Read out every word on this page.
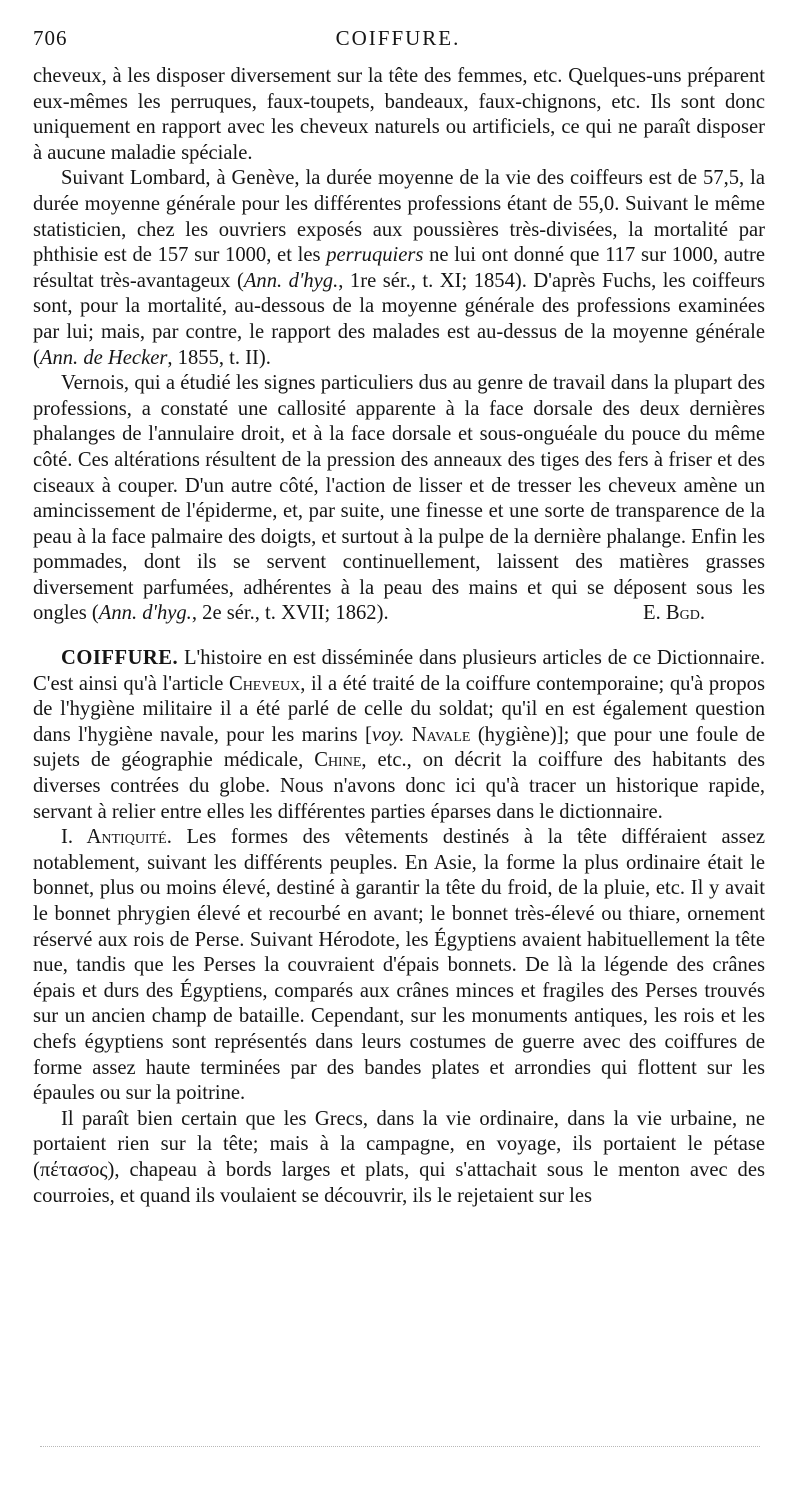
706	COIFFURE.

cheveux, à les disposer diversement sur la tête des femmes, etc. Quelques-uns préparent eux-mêmes les perruques, faux-toupets, bandeaux, faux-chignons, etc. Ils sont donc uniquement en rapport avec les cheveux naturels ou artificiels, ce qui ne paraît disposer à aucune maladie spéciale.

Suivant Lombard, à Genève, la durée moyenne de la vie des coiffeurs est de 57,5, la durée moyenne générale pour les différentes professions étant de 55,0. Suivant le même statisticien, chez les ouvriers exposés aux poussières très-divisées, la mortalité par phthisie est de 157 sur 1000, et les perruquiers ne lui ont donné que 117 sur 1000, autre résultat très-avantageux (Ann. d'hyg., 1re sér., t. XI; 1854). D'après Fuchs, les coiffeurs sont, pour la mortalité, au-dessous de la moyenne générale des professions examinées par lui; mais, par contre, le rapport des malades est au-dessus de la moyenne générale (Ann. de Hecker, 1855, t. II).

Vernois, qui a étudié les signes particuliers dus au genre de travail dans la plupart des professions, a constaté une callosité apparente à la face dorsale des deux dernières phalanges de l'annulaire droit, et à la face dorsale et sous-onguéale du pouce du même côté. Ces altérations résultent de la pression des anneaux des tiges des fers à friser et des ciseaux à couper. D'un autre côté, l'action de lisser et de tresser les cheveux amène un amincissement de l'épiderme, et, par suite, une finesse et une sorte de transparence de la peau à la face palmaire des doigts, et surtout à la pulpe de la dernière phalange. Enfin les pommades, dont ils se servent continuellement, laissent des matières grasses diversement parfumées, adhérentes à la peau des mains et qui se déposent sous les ongles (Ann. d'hyg., 2e sér., t. XVII; 1862).	E. Bgd.

COIFFURE. L'histoire en est disséminée dans plusieurs articles de ce Dictionnaire. C'est ainsi qu'à l'article Cheveux, il a été traité de la coiffure contemporaine; qu'à propos de l'hygiène militaire il a été parlé de celle du soldat; qu'il en est également question dans l'hygiène navale, pour les marins [voy. Navale (hygiène)]; que pour une foule de sujets de géographie médicale, Chine, etc., on décrit la coiffure des habitants des diverses contrées du globe. Nous n'avons donc ici qu'à tracer un historique rapide, servant à relier entre elles les différentes parties éparses dans le dictionnaire.

I. Antiquité. Les formes des vêtements destinés à la tête différaient assez notablement, suivant les différents peuples. En Asie, la forme la plus ordinaire était le bonnet, plus ou moins élevé, destiné à garantir la tête du froid, de la pluie, etc. Il y avait le bonnet phrygien élevé et recourbé en avant; le bonnet très-élevé ou thiare, ornement réservé aux rois de Perse. Suivant Hérodote, les Égyptiens avaient habituellement la tête nue, tandis que les Perses la couvraient d'épais bonnets. De là la légende des crânes épais et durs des Égyptiens, comparés aux crânes minces et fragiles des Perses trouvés sur un ancien champ de bataille. Cependant, sur les monuments antiques, les rois et les chefs égyptiens sont représentés dans leurs costumes de guerre avec des coiffures de forme assez haute terminées par des bandes plates et arrondies qui flottent sur les épaules ou sur la poitrine.

Il paraît bien certain que les Grecs, dans la vie ordinaire, dans la vie urbaine, ne portaient rien sur la tête; mais à la campagne, en voyage, ils portaient le pétase (πέτασος), chapeau à bords larges et plats, qui s'attachait sous le menton avec des courroies, et quand ils voulaient se découvrir, ils le rejetaient sur les
